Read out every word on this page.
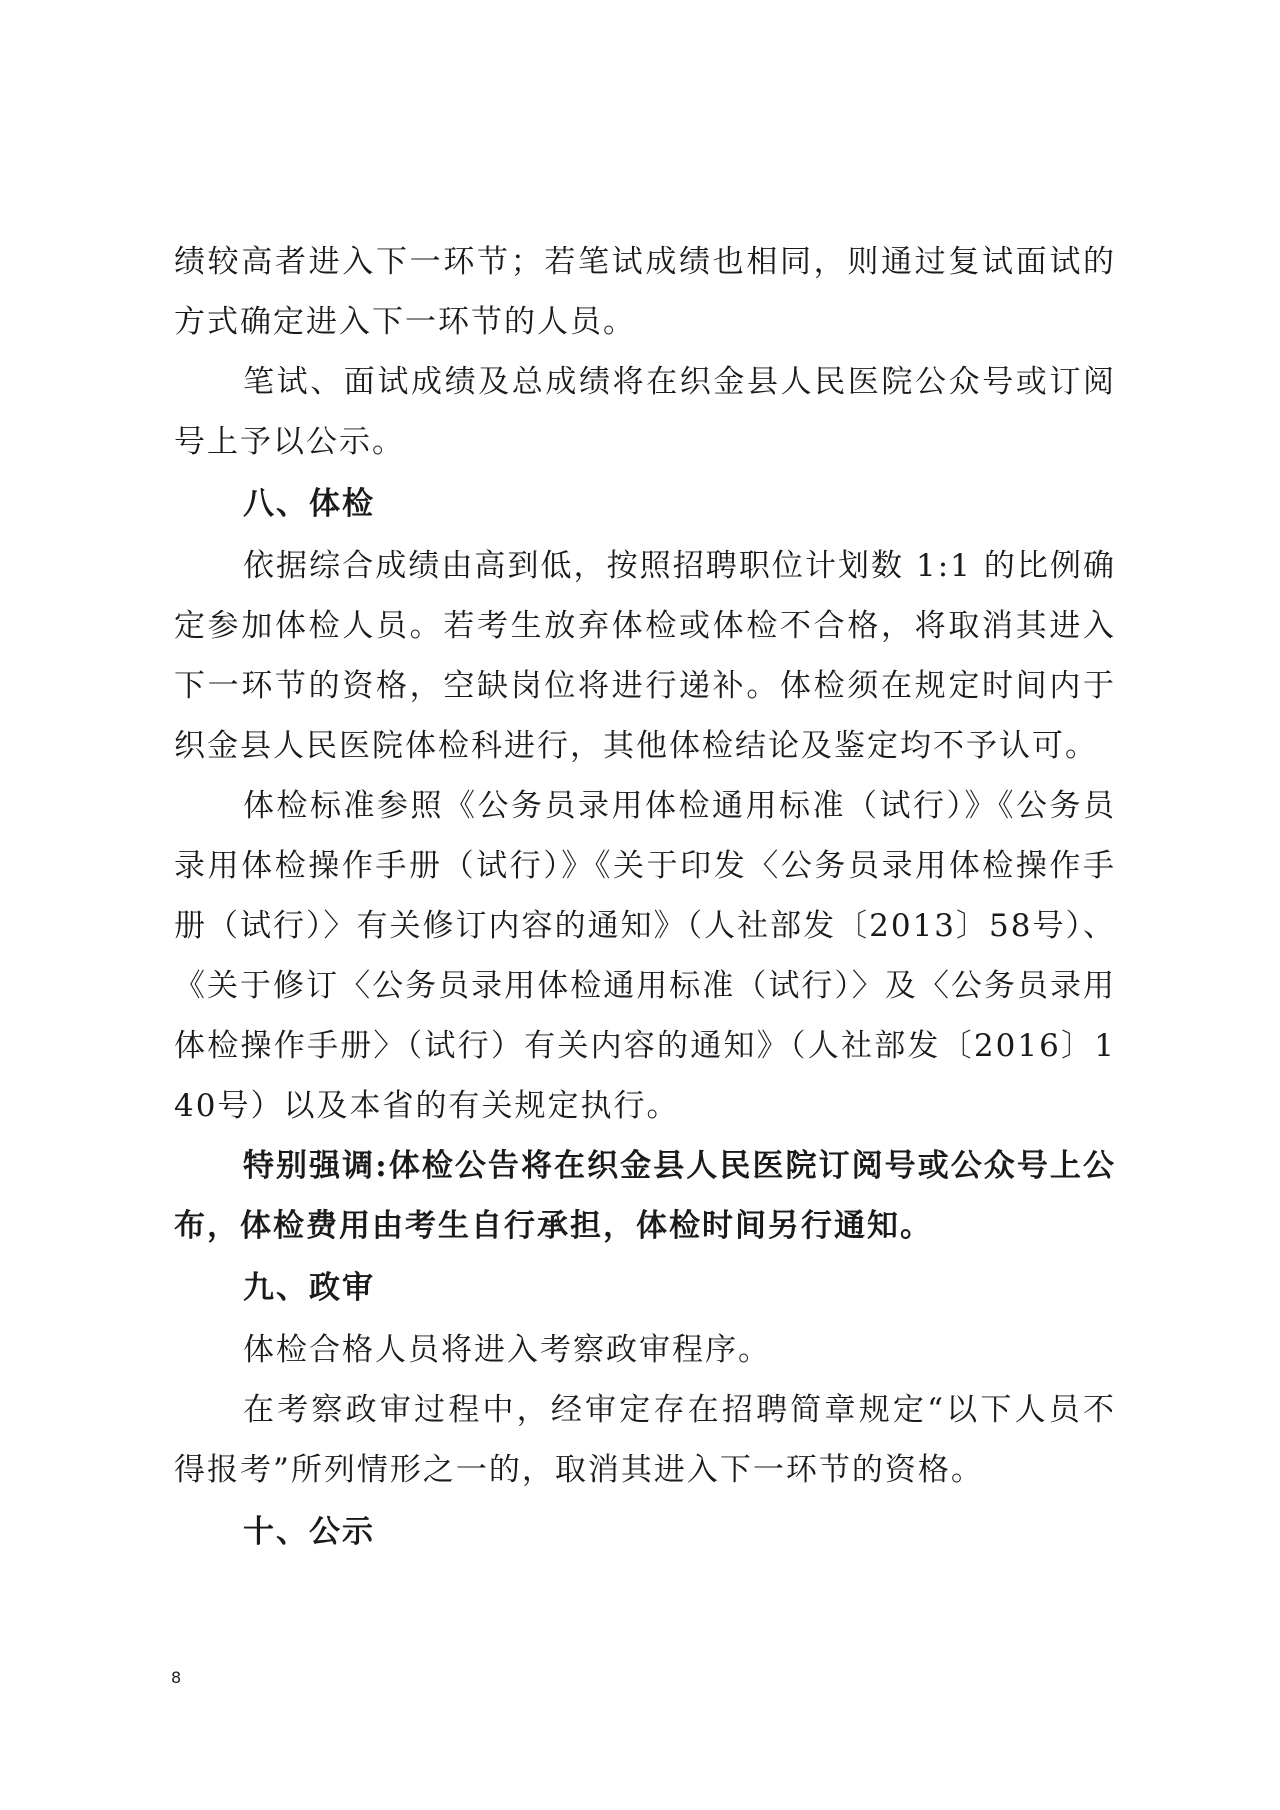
绩较高者进入下一环节；若笔试成绩也相同，则通过复试面试的方式确定进入下一环节的人员。

笔试、面试成绩及总成绩将在织金县人民医院公众号或订阅号上予以公示。

八、体检

依据综合成绩由高到低，按照招聘职位计划数 1:1 的比例确定参加体检人员。若考生放弃体检或体检不合格，将取消其进入下一环节的资格，空缺岗位将进行递补。体检须在规定时间内于织金县人民医院体检科进行，其他体检结论及鉴定均不予认可。

体检标准参照《公务员录用体检通用标准（试行）》《公务员录用体检操作手册（试行）》《关于印发〈公务员录用体检操作手册（试行）〉有关修订内容的通知》（人社部发〔2013〕58号）、《关于修订〈公务员录用体检通用标准（试行）〉及〈公务员录用体检操作手册〉（试行）有关内容的通知》（人社部发〔2016〕140号）以及本省的有关规定执行。

特别强调:体检公告将在织金县人民医院订阅号或公众号上公布，体检费用由考生自行承担，体检时间另行通知。

九、政审

体检合格人员将进入考察政审程序。

在考察政审过程中，经审定存在招聘简章规定“以下人员不得报考”所列情形之一的，取消其进入下一环节的资格。

十、公示
8
